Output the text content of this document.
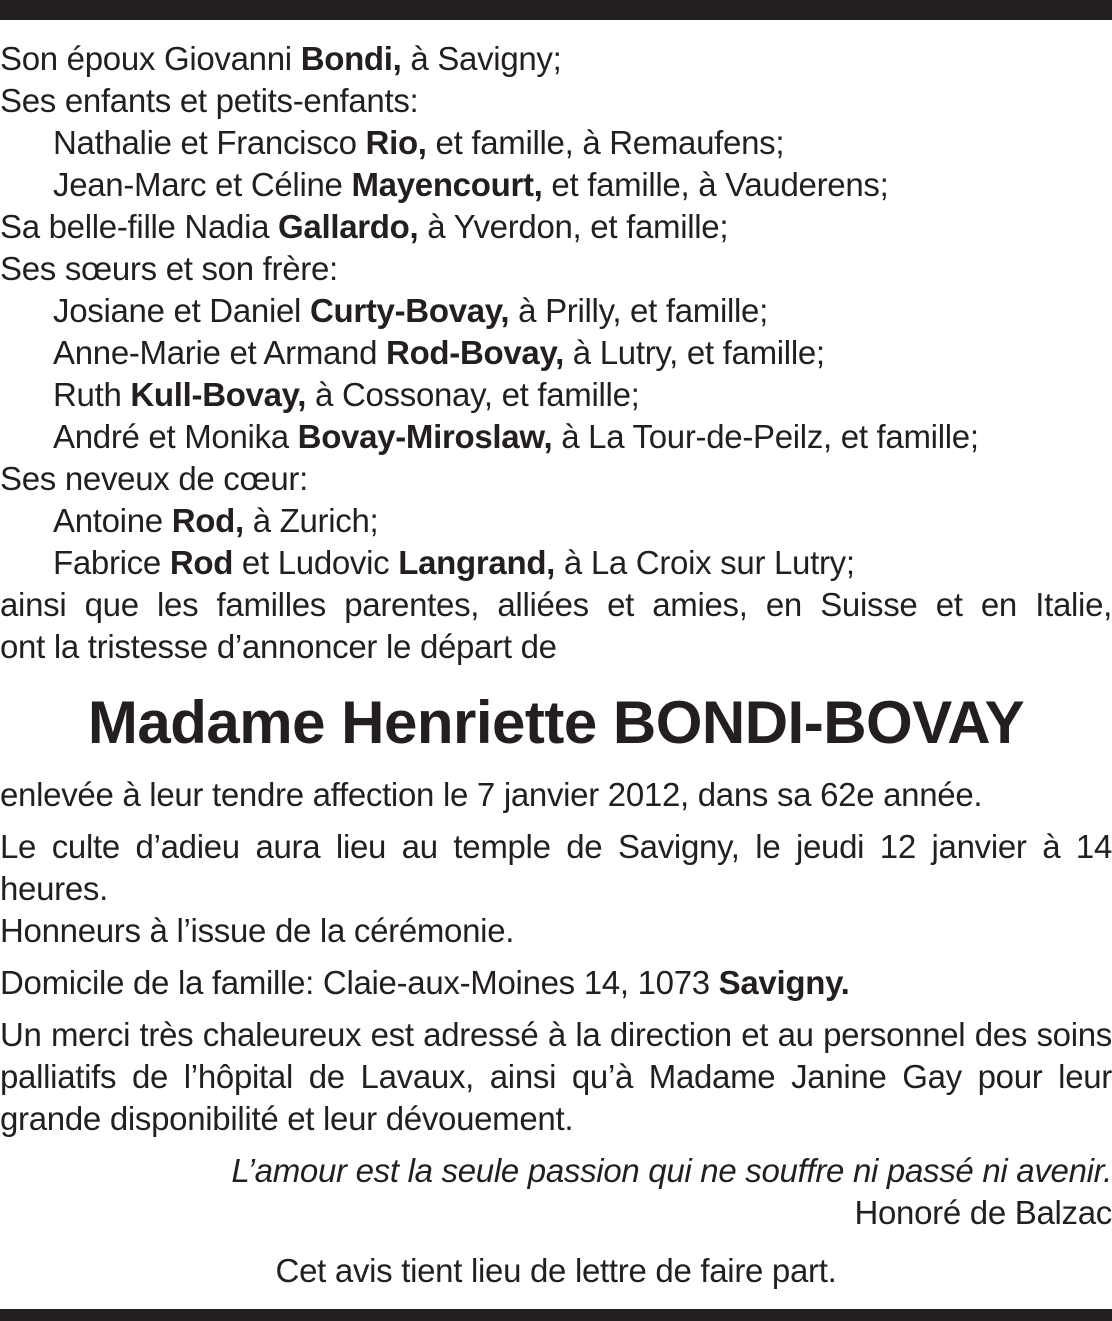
Son époux Giovanni Bondi, à Savigny;
Ses enfants et petits-enfants:
Nathalie et Francisco Rio, et famille, à Remaufens;
Jean-Marc et Céline Mayencourt, et famille, à Vauderens;
Sa belle-fille Nadia Gallardo, à Yverdon, et famille;
Ses sœurs et son frère:
Josiane et Daniel Curty-Bovay, à Prilly, et famille;
Anne-Marie et Armand Rod-Bovay, à Lutry, et famille;
Ruth Kull-Bovay, à Cossonay, et famille;
André et Monika Bovay-Miroslaw, à La Tour-de-Peilz, et famille;
Ses neveux de cœur:
Antoine Rod, à Zurich;
Fabrice Rod et Ludovic Langrand, à La Croix sur Lutry;
ainsi que les familles parentes, alliées et amies, en Suisse et en Italie,
ont la tristesse d’annoncer le départ de
Madame Henriette BONDI-BOVAY
enlevée à leur tendre affection le 7 janvier 2012, dans sa 62e année.
Le culte d’adieu aura lieu au temple de Savigny, le jeudi 12 janvier à 14 heures.
Honneurs à l’issue de la cérémonie.
Domicile de la famille: Claie-aux-Moines 14, 1073 Savigny.
Un merci très chaleureux est adressé à la direction et au personnel des soins palliatifs de l’hôpital de Lavaux, ainsi qu’à Madame Janine Gay pour leur grande disponibilité et leur dévouement.
L’amour est la seule passion qui ne souffre ni passé ni avenir.
Honoré de Balzac
Cet avis tient lieu de lettre de faire part.
